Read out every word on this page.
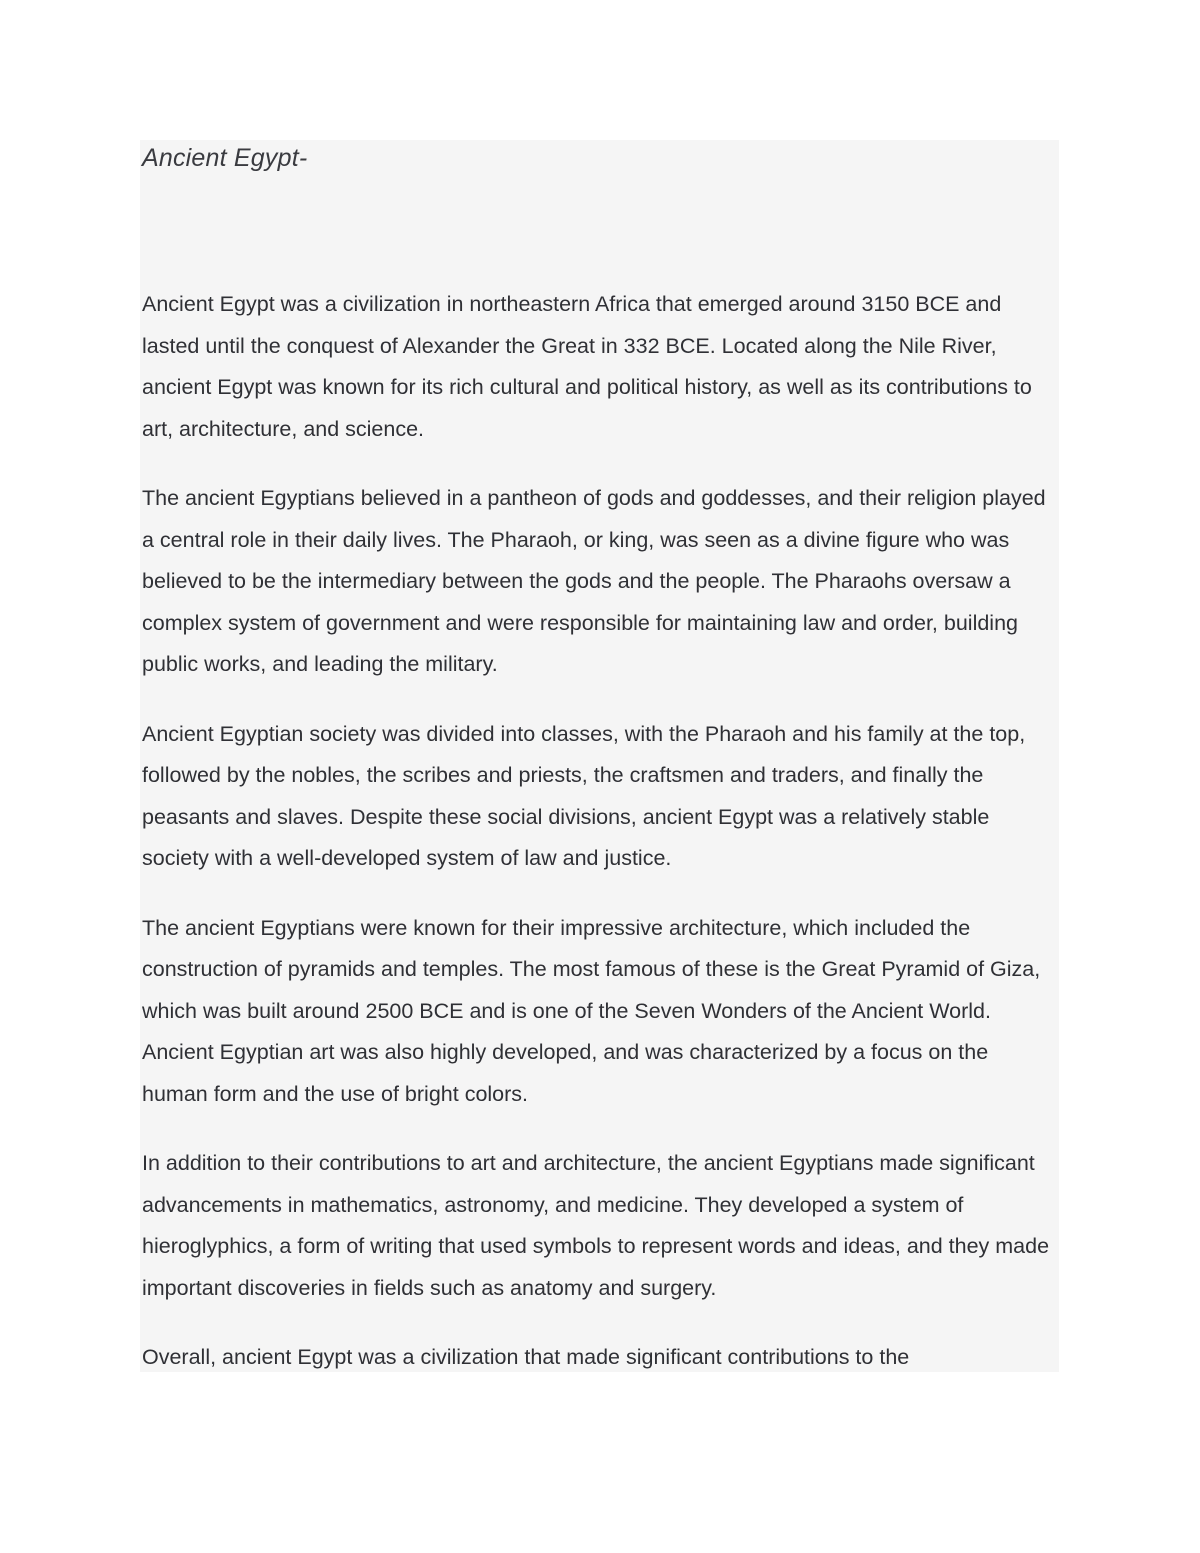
Ancient Egypt-

Ancient Egypt was a civilization in northeastern Africa that emerged around 3150 BCE and lasted until the conquest of Alexander the Great in 332 BCE. Located along the Nile River, ancient Egypt was known for its rich cultural and political history, as well as its contributions to art, architecture, and science.

The ancient Egyptians believed in a pantheon of gods and goddesses, and their religion played a central role in their daily lives. The Pharaoh, or king, was seen as a divine figure who was believed to be the intermediary between the gods and the people. The Pharaohs oversaw a complex system of government and were responsible for maintaining law and order, building public works, and leading the military.

Ancient Egyptian society was divided into classes, with the Pharaoh and his family at the top, followed by the nobles, the scribes and priests, the craftsmen and traders, and finally the peasants and slaves. Despite these social divisions, ancient Egypt was a relatively stable society with a well-developed system of law and justice.

The ancient Egyptians were known for their impressive architecture, which included the construction of pyramids and temples. The most famous of these is the Great Pyramid of Giza, which was built around 2500 BCE and is one of the Seven Wonders of the Ancient World. Ancient Egyptian art was also highly developed, and was characterized by a focus on the human form and the use of bright colors.

In addition to their contributions to art and architecture, the ancient Egyptians made significant advancements in mathematics, astronomy, and medicine. They developed a system of hieroglyphics, a form of writing that used symbols to represent words and ideas, and they made important discoveries in fields such as anatomy and surgery.

Overall, ancient Egypt was a civilization that made significant contributions to the
